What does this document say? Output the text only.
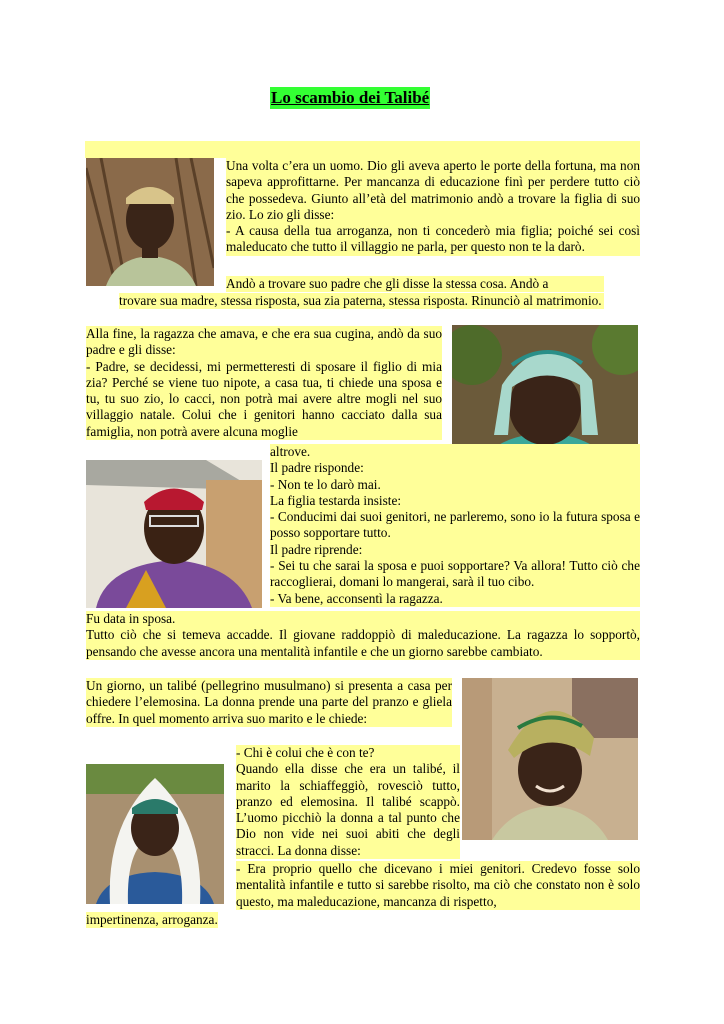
Lo scambio dei Talibé

Una volta c’era un uomo. Dio gli aveva aperto le porte della fortuna, ma non sapeva approfittarne. Per mancanza di educazione finì per perdere tutto ciò che possedeva. Giunto all’età del matrimonio andò a trovare la figlia di suo zio. Lo zio gli disse:

- A causa della tua arroganza, non ti concederò mia figlia; poiché sei così maleducato che tutto il villaggio ne parla, per questo non te la darò.

Andò a trovare suo padre che gli disse la stessa cosa. Andò a

trovare sua madre, stessa risposta, sua zia paterna, stessa risposta. Rinunciò al matrimonio.

Alla fine, la ragazza che amava, e che era sua cugina, andò da suo padre e gli disse:

- Padre, se decidessi, mi permetteresti di sposare il figlio di mia zia? Perché se viene tuo nipote, a casa tua, ti chiede una sposa e tu, tu suo zio, lo cacci, non potrà mai avere altre mogli nel suo villaggio natale. Colui che i genitori hanno cacciato dalla sua famiglia, non potrà avere alcuna moglie

altrove.

Il padre risponde:

- Non te lo darò mai.

La figlia testarda insiste:

- Conducimi dai suoi genitori, ne parleremo, sono io la futura sposa e posso sopportare tutto.

Il padre riprende:

- Sei tu che sarai la sposa e puoi sopportare? Va allora! Tutto ciò che raccoglierai, domani lo mangerai, sarà il tuo cibo.

- Va bene, acconsentì la ragazza.

Fu data in sposa.

Tutto ciò che si temeva accadde. Il giovane raddoppiò di maleducazione. La ragazza lo sopportò, pensando che avesse ancora una mentalità infantile e che un giorno sarebbe cambiato.

Un giorno, un talibé (pellegrino musulmano) si presenta a casa per chiedere l’elemosina. La donna prende una parte del pranzo e gliela offre. In quel momento arriva suo marito e le chiede:

- Chi è colui che è con te?

Quando ella disse che era un talibé, il marito la schiaffeggiò, rovesciò tutto, pranzo ed elemosina. Il talibé scappò. L’uomo picchiò la donna a tal punto che Dio non vide nei suoi abiti che degli stracci. La donna disse:

- Era proprio quello che dicevano i miei genitori. Credevo fosse solo mentalità infantile e tutto si sarebbe risolto, ma ciò che constato non è solo questo, ma maleducazione, mancanza di rispetto,

impertinenza, arroganza.
